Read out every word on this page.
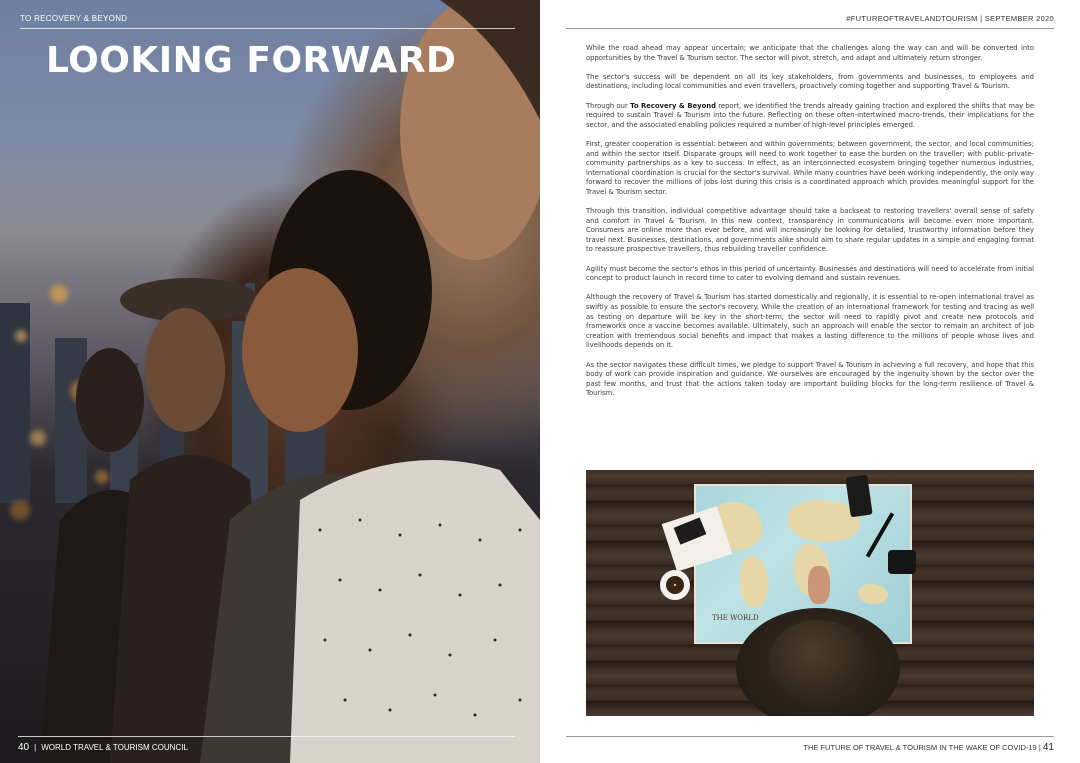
TO RECOVERY & BEYOND
LOOKING FORWARD
40 | WORLD TRAVEL & TOURISM COUNCIL
#FUTUREOFTRAVELANDTOURISM | SEPTEMBER 2020

While the road ahead may appear uncertain; we anticipate that the challenges along the way can and will be converted into opportunities by the Travel & Tourism sector. The sector will pivot, stretch, and adapt and ultimately return stronger.

The sector's success will be dependent on all its key stakeholders, from governments and businesses, to employees and destinations, including local communities and even travellers, proactively coming together and supporting Travel & Tourism.

Through our To Recovery & Beyond report, we identified the trends already gaining traction and explored the shifts that may be required to sustain Travel & Tourism into the future. Reflecting on these often-intertwined macro-trends, their implications for the sector, and the associated enabling policies required a number of high-level principles emerged.

First, greater cooperation is essential: between and within governments; between government, the sector, and local communities; and within the sector itself. Disparate groups will need to work together to ease the burden on the traveller; with public-private-community partnerships as a key to success. In effect, as an interconnected ecosystem bringing together numerous industries, international coordination is crucial for the sector's survival. While many countries have been working independently, the only way forward to recover the millions of jobs lost during this crisis is a coordinated approach which provides meaningful support for the Travel & Tourism sector.

Through this transition, individual competitive advantage should take a backseat to restoring travellers' overall sense of safety and comfort in Travel & Tourism. In this new context, transparency in communications will become even more important. Consumers are online more than ever before, and will increasingly be looking for detailed, trustworthy information before they travel next. Businesses, destinations, and governments alike should aim to share regular updates in a simple and engaging format to reassure prospective travellers, thus rebuilding traveller confidence.

Agility must become the sector's ethos in this period of uncertainty. Businesses and destinations will need to accelerate from initial concept to product launch in record time to cater to evolving demand and sustain revenues.

Although the recovery of Travel & Tourism has started domestically and regionally, it is essential to re-open international travel as swiftly as possible to ensure the sector's recovery. While the creation of an international framework for testing and tracing as well as testing on departure will be key in the short-term; the sector will need to rapidly pivot and create new protocols and frameworks once a vaccine becomes available. Ultimately, such an approach will enable the sector to remain an architect of job creation with tremendous social benefits and impact that makes a lasting difference to the millions of people whose lives and livelihoods depends on it.

As the sector navigates these difficult times, we pledge to support Travel & Tourism in achieving a full recovery, and hope that this body of work can provide inspiration and guidance. We ourselves are encouraged by the ingenuity shown by the sector over the past few months, and trust that the actions taken today are important building blocks for the long-term resilience of Travel & Tourism.

THE WORLD
THE FUTURE OF TRAVEL & TOURISM IN THE WAKE OF COVID-19 | 41
